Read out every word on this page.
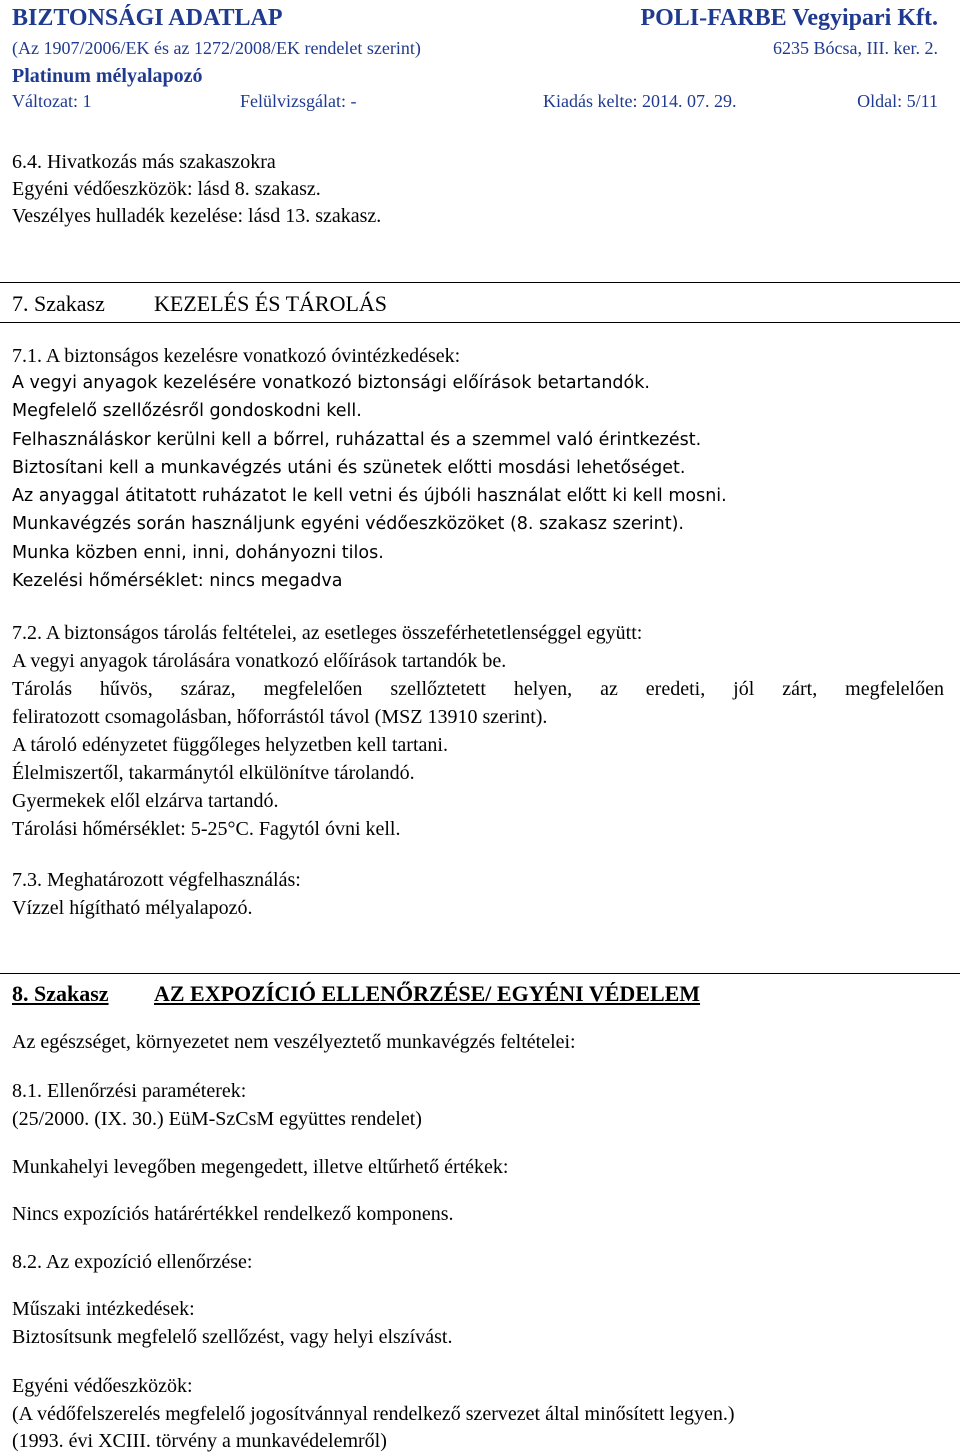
BIZTONSÁGI ADATLAP	POLI-FARBE Vegyipari Kft.
(Az 1907/2006/EK és az 1272/2008/EK rendelet szerint)	6235 Bócsa, III. ker. 2.
Platinum mélyalapozó
Változat: 1	Felülvizsgálat: -	Kiadás kelte: 2014. 07. 29.	Oldal: 5/11
6.4. Hivatkozás más szakaszokra
Egyéni védőeszközök: lásd 8. szakasz.
Veszélyes hulladék kezelése: lásd 13. szakasz.
7. Szakasz KEZELÉS ÉS TÁROLÁS
7.1. A biztonságos kezelésre vonatkozó óvintézkedések:
A vegyi anyagok kezelésére vonatkozó biztonsági előírások betartandók.
Megfelelő szellőzésről gondoskodni kell.
Felhasználáskor kerülni kell a bőrrel, ruházattal és a szemmel való érintkezést.
Biztosítani kell a munkavégzés utáni és szünetek előtti mosdási lehetőséget.
Az anyaggal átitatott ruházatot le kell vetni és újbóli használat előtt ki kell mosni.
Munkavégzés során használjunk egyéni védőeszközöket (8. szakasz szerint).
Munka közben enni, inni, dohányozni tilos.
Kezelési hőmérséklet: nincs megadva
7.2. A biztonságos tárolás feltételei, az esetleges összeférhetetlenséggel együtt:
A vegyi anyagok tárolására vonatkozó előírások tartandók be.
Tárolás hűvös, száraz, megfelelően szellőztetett helyen, az eredeti, jól zárt, megfelelően
feliratozott csomagolásban, hőforrástól távol (MSZ 13910 szerint).
A tároló edényzetet függőleges helyzetben kell tartani.
Élelmiszertől, takarmánytól elkülönítve tárolandó.
Gyermekek elől elzárva tartandó.
Tárolási hőmérséklet: 5-25°C. Fagytól óvni kell.
7.3. Meghatározott végfelhasználás:
Vízzel hígítható mélyalapozó.
8. Szakasz AZ EXPOZÍCIÓ ELLENŐRZÉSE/ EGYÉNI VÉDELEM
Az egészséget, környezetet nem veszélyeztető munkavégzés feltételei:
8.1. Ellenőrzési paraméterek:
(25/2000. (IX. 30.) EüM-SzCsM együttes rendelet)
Munkahelyi levegőben megengedett, illetve eltűrhető értékek:
Nincs expozíciós határértékkel rendelkező komponens.
8.2. Az expozíció ellenőrzése:
Műszaki intézkedések:
Biztosítsunk megfelelő szellőzést, vagy helyi elszívást.
Egyéni védőeszközök:
(A védőfelszerelés megfelelő jogosítvánnyal rendelkező szervezet által minősített legyen.)
(1993. évi XCIII. törvény a munkavédelemről)
